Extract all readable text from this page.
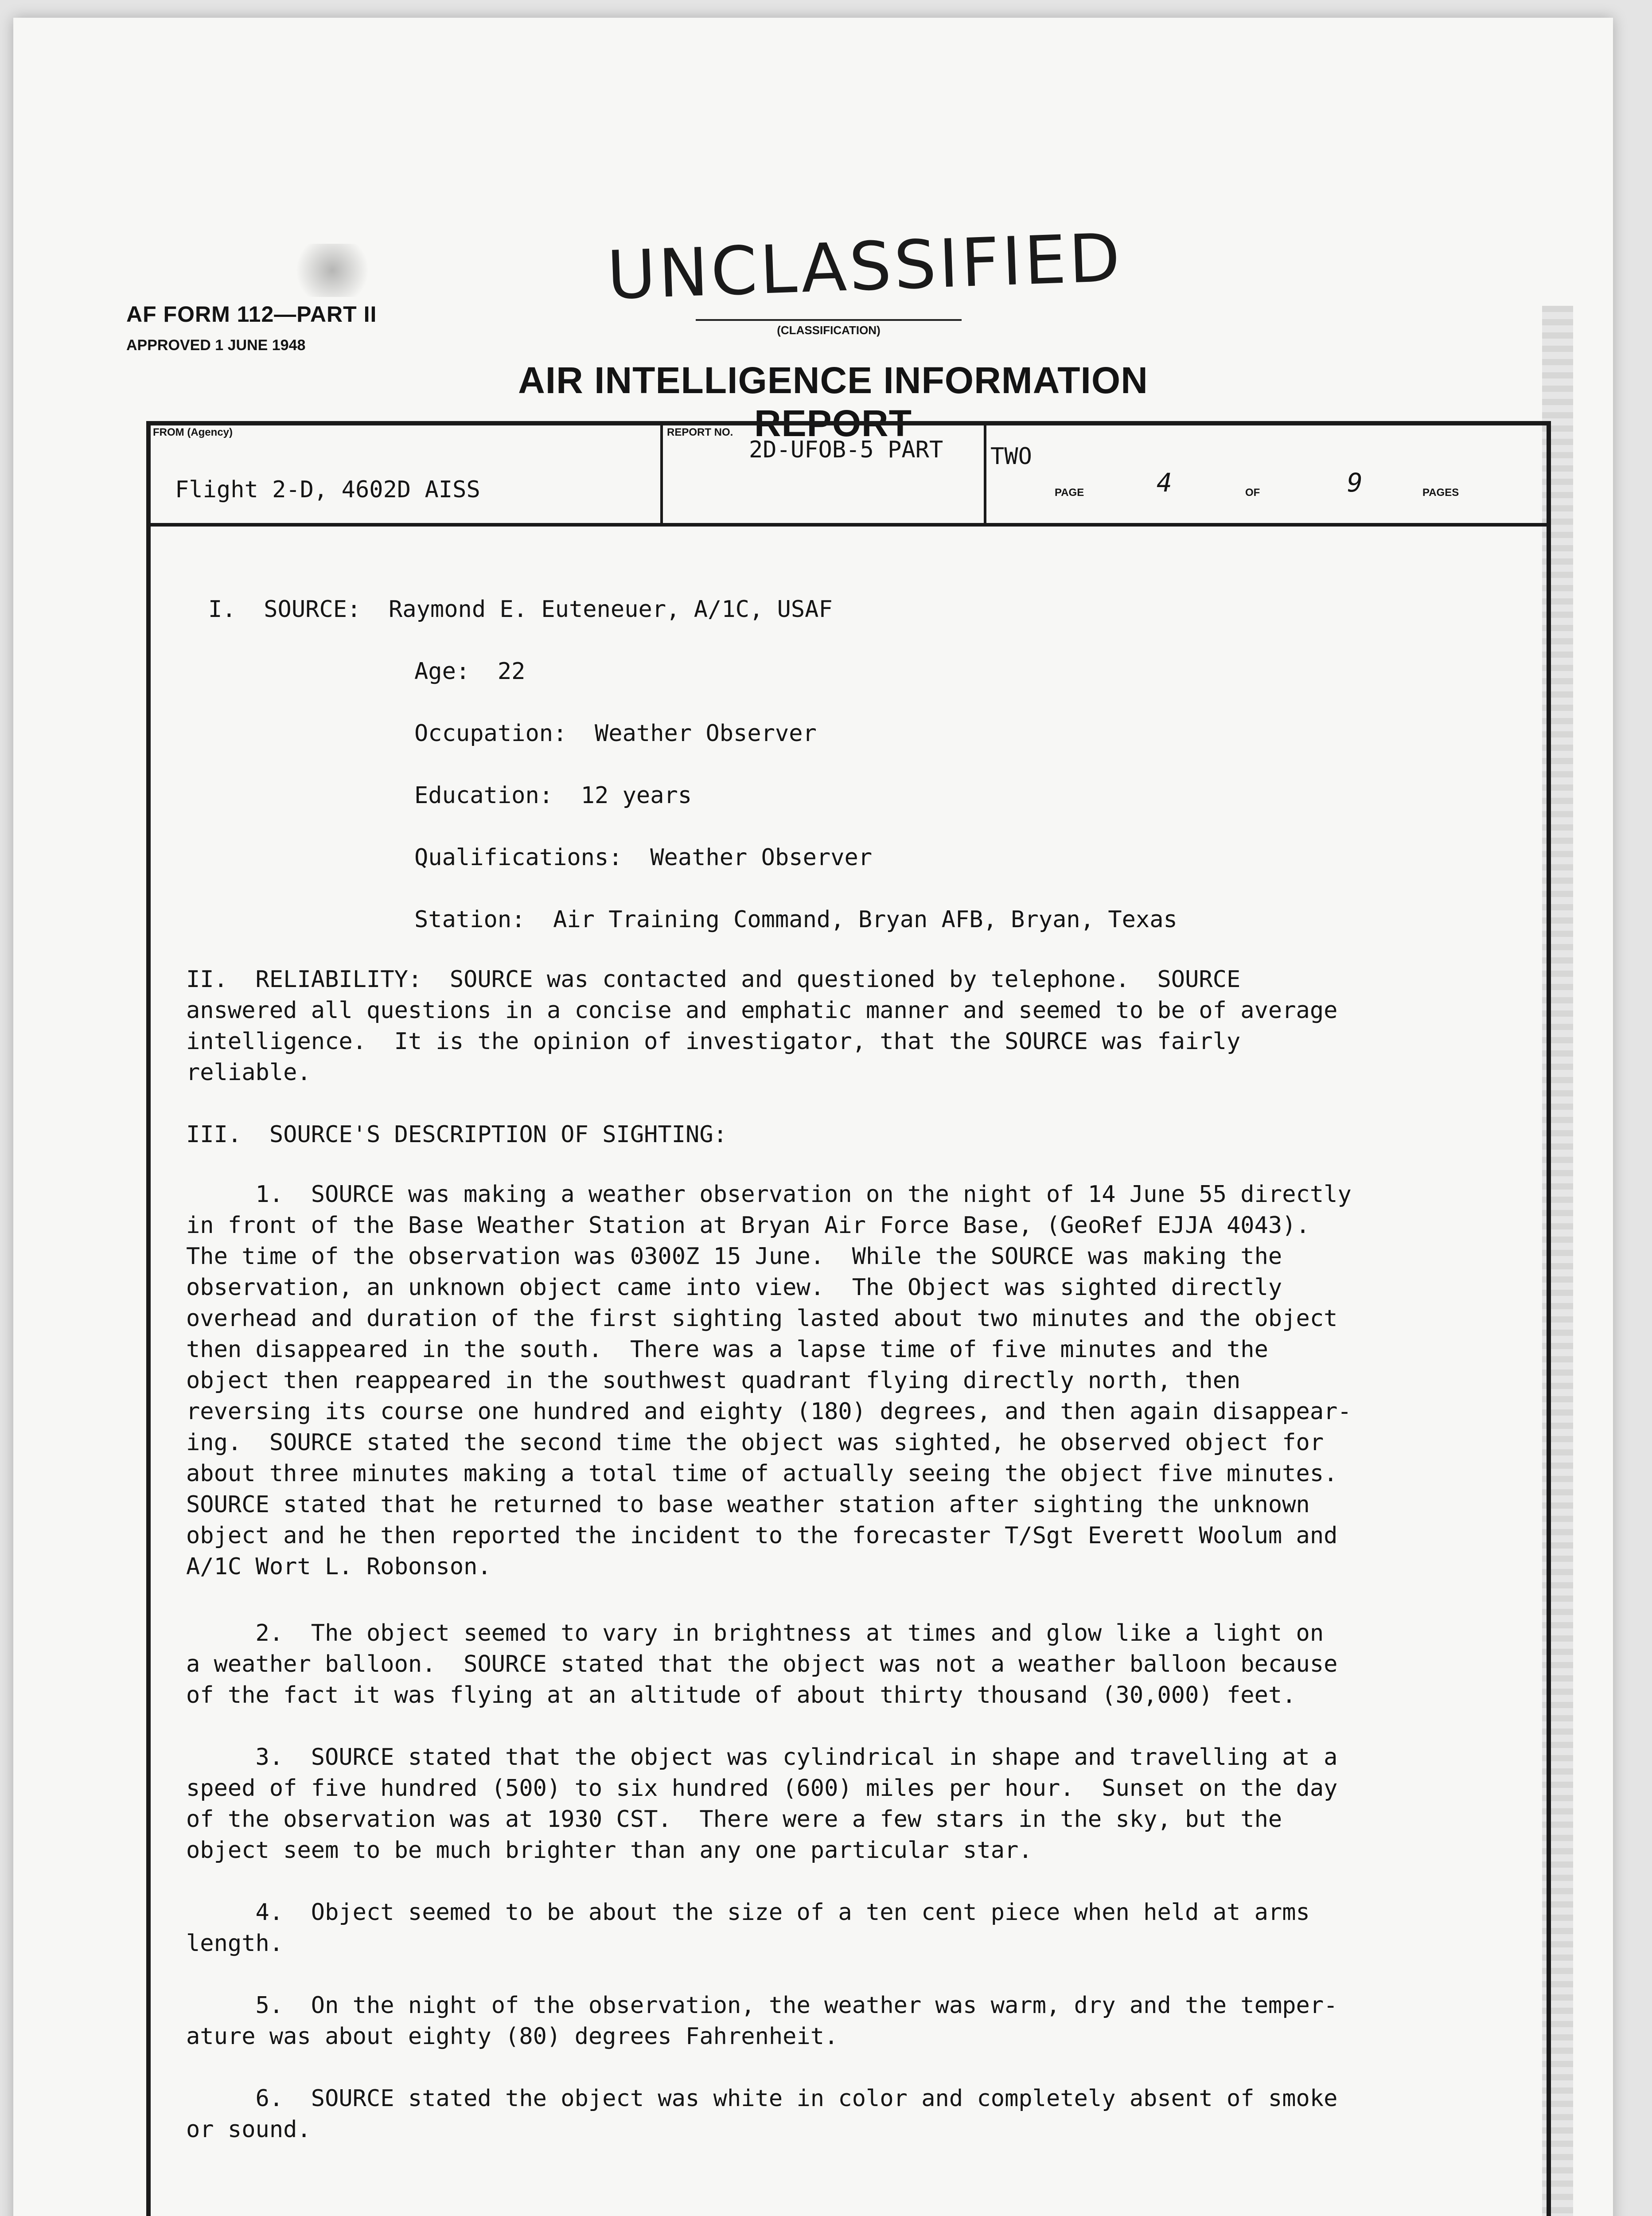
AF FORM 112—PART II
APPROVED 1 JUNE 1948
UNCLASSIFIED
(CLASSIFICATION)
AIR INTELLIGENCE INFORMATION REPORT
FROM (Agency)
Flight 2-D, 4602D AISS
REPORT NO.
2D-UFOB-5 PART TWO
PAGE	4	OF	9	PAGES
I.  SOURCE:  Raymond E. Euteneuer, A/1C, USAF
Age:  22
Occupation:  Weather Observer
Education:  12 years
Qualifications:  Weather Observer
Station:  Air Training Command, Bryan AFB, Bryan, Texas
II.  RELIABILITY:  SOURCE was contacted and questioned by telephone.  SOURCE
answered all questions in a concise and emphatic manner and seemed to be of average
intelligence.  It is the opinion of investigator, that the SOURCE was fairly
reliable.
III.  SOURCE'S DESCRIPTION OF SIGHTING:
1.  SOURCE was making a weather observation on the night of 14 June 55 directly
in front of the Base Weather Station at Bryan Air Force Base, (GeoRef EJJA 4043).
The time of the observation was 0300Z 15 June.  While the SOURCE was making the
observation, an unknown object came into view.  The Object was sighted directly
overhead and duration of the first sighting lasted about two minutes and the object
then disappeared in the south.  There was a lapse time of five minutes and the
object then reappeared in the southwest quadrant flying directly north, then
reversing its course one hundred and eighty (180) degrees, and then again disappear-
ing.  SOURCE stated the second time the object was sighted, he observed object for
about three minutes making a total time of actually seeing the object five minutes.
SOURCE stated that he returned to base weather station after sighting the unknown
object and he then reported the incident to the forecaster T/Sgt Everett Woolum and
A/1C Wort L. Robonson.
2.  The object seemed to vary in brightness at times and glow like a light on
a weather balloon.  SOURCE stated that the object was not a weather balloon because
of the fact it was flying at an altitude of about thirty thousand (30,000) feet.
3.  SOURCE stated that the object was cylindrical in shape and travelling at a
speed of five hundred (500) to six hundred (600) miles per hour.  Sunset on the day
of the observation was at 1930 CST.  There were a few stars in the sky, but the
object seem to be much brighter than any one particular star.
4.  Object seemed to be about the size of a ten cent piece when held at arms
length.
5.  On the night of the observation, the weather was warm, dry and the temper-
ature was about eighty (80) degrees Fahrenheit.
6.  SOURCE stated the object was white in color and completely absent of smoke
or sound.
